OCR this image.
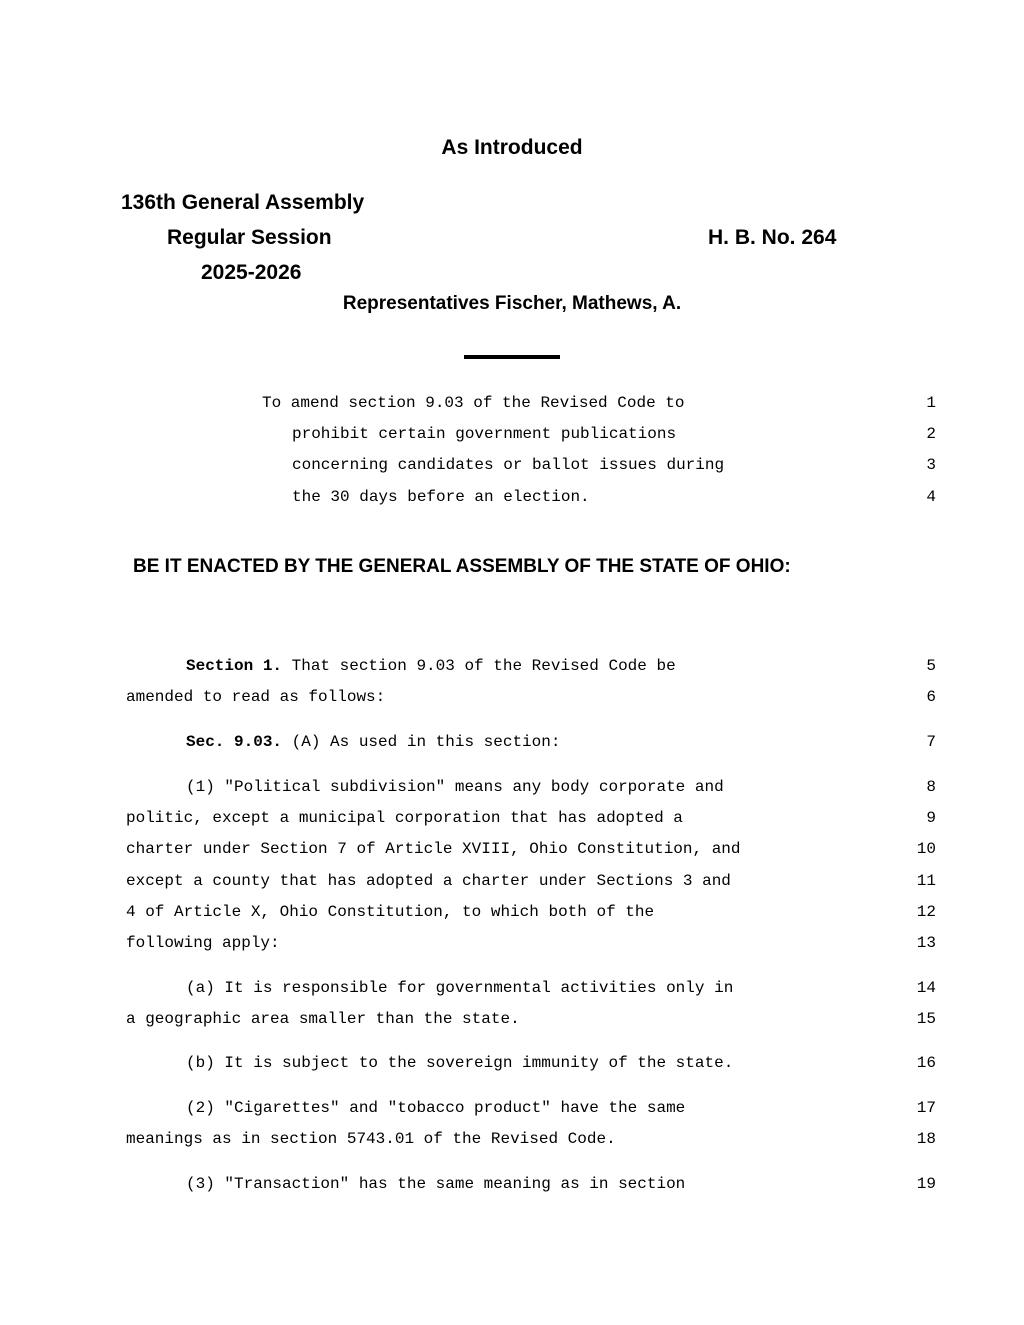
As Introduced
136th General Assembly
Regular Session
2025-2026
H. B. No. 264
Representatives Fischer, Mathews, A.
To amend section 9.03 of the Revised Code to	1
prohibit certain government publications	2
concerning candidates or ballot issues during	3
the 30 days before an election.	4
BE IT ENACTED BY THE GENERAL ASSEMBLY OF THE STATE OF OHIO:
Section 1. That section 9.03 of the Revised Code be	5
amended to read as follows:	6
Sec. 9.03. (A) As used in this section:	7
(1) "Political subdivision" means any body corporate and	8
politic, except a municipal corporation that has adopted a	9
charter under Section 7 of Article XVIII, Ohio Constitution, and	10
except a county that has adopted a charter under Sections 3 and	11
4 of Article X, Ohio Constitution, to which both of the	12
following apply:	13
(a) It is responsible for governmental activities only in	14
a geographic area smaller than the state.	15
(b) It is subject to the sovereign immunity of the state.	16
(2) "Cigarettes" and "tobacco product" have the same	17
meanings as in section 5743.01 of the Revised Code.	18
(3) "Transaction" has the same meaning as in section	19
